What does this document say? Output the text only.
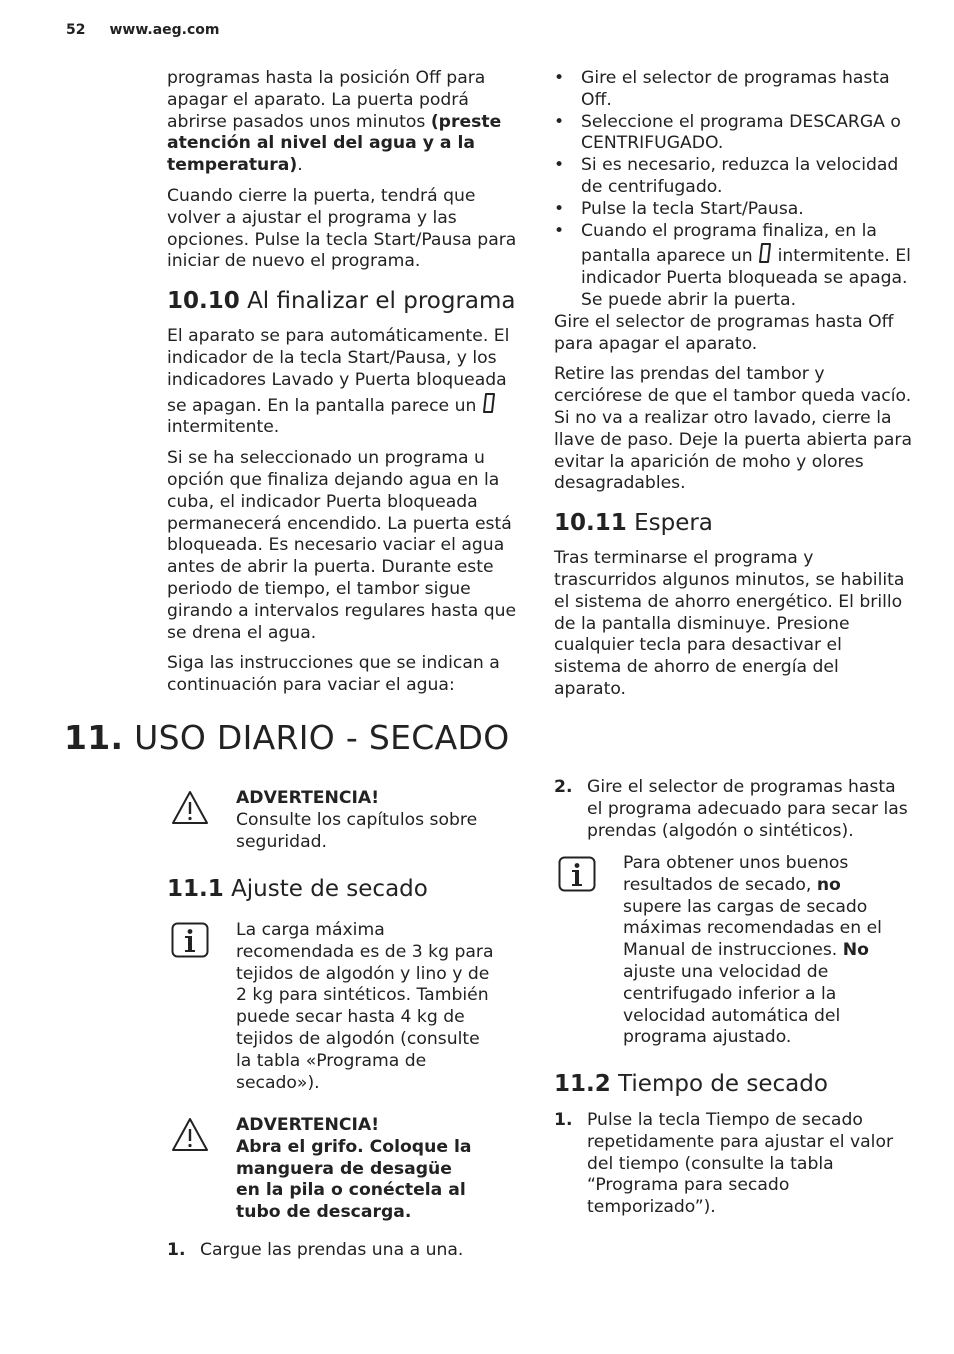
52 www.aeg.com

programas hasta la posición Off para apagar el aparato. La puerta podrá abrirse pasados unos minutos (preste atención al nivel del agua y a la temperatura).

Cuando cierre la puerta, tendrá que volver a ajustar el programa y las opciones. Pulse la tecla Start/Pausa para iniciar de nuevo el programa.

10.10 Al finalizar el programa

El aparato se para automáticamente. El indicador de la tecla Start/Pausa, y los indicadores Lavado y Puerta bloqueada se apagan. En la pantalla parece un
intermitente.

Si se ha seleccionado un programa u opción que finaliza dejando agua en la cuba, el indicador Puerta bloqueada permanecerá encendido. La puerta está bloqueada. Es necesario vaciar el agua antes de abrir la puerta. Durante este periodo de tiempo, el tambor sigue girando a intervalos regulares hasta que se drena el agua.

Siga las instrucciones que se indican a continuación para vaciar el agua:

• Gire el selector de programas hasta Off.
• Seleccione el programa DESCARGA o CENTRIFUGADO.
• Si es necesario, reduzca la velocidad de centrifugado.
• Pulse la tecla Start/Pausa.
• Cuando el programa finaliza, en la pantalla aparece un intermitente. El indicador Puerta bloqueada se apaga. Se puede abrir la puerta.

Gire el selector de programas hasta Off para apagar el aparato.

Retire las prendas del tambor y cerciórese de que el tambor queda vacío. Si no va a realizar otro lavado, cierre la llave de paso. Deje la puerta abierta para evitar la aparición de moho y olores desagradables.

10.11 Espera

Tras terminarse el programa y trascurridos algunos minutos, se habilita el sistema de ahorro energético. El brillo de la pantalla disminuye. Presione cualquier tecla para desactivar el sistema de ahorro de energía del aparato.

11. USO DIARIO - SECADO
ADVERTENCIA!
Consulte los capítulos sobre seguridad.
11.1 Ajuste de secado
La carga máxima recomendada es de 3 kg para tejidos de algodón y lino y de 2 kg para sintéticos. También puede secar hasta 4 kg de tejidos de algodón (consulte la tabla «Programa de secado»).
ADVERTENCIA!
Abra el grifo. Coloque la manguera de desagüe en la pila o conéctela al tubo de descarga.
1. Cargue las prendas una a una.
2. Gire el selector de programas hasta el programa adecuado para secar las prendas (algodón o sintéticos).
Para obtener unos buenos resultados de secado, no supere las cargas de secado máximas recomendadas en el Manual de instrucciones. No ajuste una velocidad de centrifugado inferior a la velocidad automática del programa ajustado.
11.2 Tiempo de secado
1. Pulse la tecla Tiempo de secado repetidamente para ajustar el valor del tiempo (consulte la tabla “Programa para secado temporizado”).
